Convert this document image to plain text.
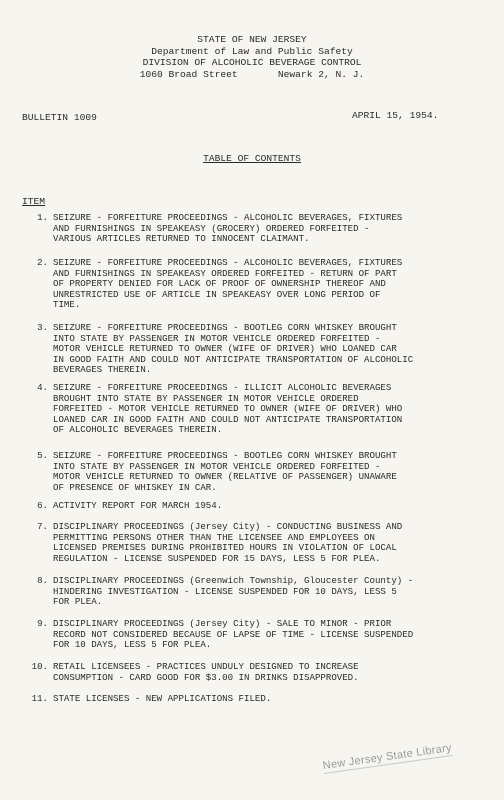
STATE OF NEW JERSEY
Department of Law and Public Safety
DIVISION OF ALCOHOLIC BEVERAGE CONTROL
1060 Broad Street       Newark 2, N. J.
BULLETIN 1009	APRIL 15, 1954.
TABLE OF CONTENTS
ITEM
1. SEIZURE - FORFEITURE PROCEEDINGS - ALCOHOLIC BEVERAGES, FIXTURES
AND FURNISHINGS IN SPEAKEASY (GROCERY) ORDERED FORFEITED -
VARIOUS ARTICLES RETURNED TO INNOCENT CLAIMANT.
2. SEIZURE - FORFEITURE PROCEEDINGS - ALCOHOLIC BEVERAGES, FIXTURES
AND FURNISHINGS IN SPEAKEASY ORDERED FORFEITED - RETURN OF PART
OF PROPERTY DENIED FOR LACK OF PROOF OF OWNERSHIP THEREOF AND
UNRESTRICTED USE OF ARTICLE IN SPEAKEASY OVER LONG PERIOD OF
TIME.
3. SEIZURE - FORFEITURE PROCEEDINGS - BOOTLEG CORN WHISKEY BROUGHT
INTO STATE BY PASSENGER IN MOTOR VEHICLE ORDERED FORFEITED -
MOTOR VEHICLE RETURNED TO OWNER (WIFE OF DRIVER) WHO LOANED CAR
IN GOOD FAITH AND COULD NOT ANTICIPATE TRANSPORTATION OF ALCOHOLIC
BEVERAGES THEREIN.
4. SEIZURE - FORFEITURE PROCEEDINGS - ILLICIT ALCOHOLIC BEVERAGES
BROUGHT INTO STATE BY PASSENGER IN MOTOR VEHICLE ORDERED
FORFEITED - MOTOR VEHICLE RETURNED TO OWNER (WIFE OF DRIVER) WHO
LOANED CAR IN GOOD FAITH AND COULD NOT ANTICIPATE TRANSPORTATION
OF ALCOHOLIC BEVERAGES THEREIN.
5. SEIZURE - FORFEITURE PROCEEDINGS - BOOTLEG CORN WHISKEY BROUGHT
INTO STATE BY PASSENGER IN MOTOR VEHICLE ORDERED FORFEITED -
MOTOR VEHICLE RETURNED TO OWNER (RELATIVE OF PASSENGER) UNAWARE
OF PRESENCE OF WHISKEY IN CAR.
6. ACTIVITY REPORT FOR MARCH 1954.
7. DISCIPLINARY PROCEEDINGS (Jersey City) - CONDUCTING BUSINESS AND
PERMITTING PERSONS OTHER THAN THE LICENSEE AND EMPLOYEES ON
LICENSED PREMISES DURING PROHIBITED HOURS IN VIOLATION OF LOCAL
REGULATION - LICENSE SUSPENDED FOR 15 DAYS, LESS 5 FOR PLEA.
8. DISCIPLINARY PROCEEDINGS (Greenwich Township, Gloucester County) -
HINDERING INVESTIGATION - LICENSE SUSPENDED FOR 10 DAYS, LESS 5
FOR PLEA.
9. DISCIPLINARY PROCEEDINGS (Jersey City) - SALE TO MINOR - PRIOR
RECORD NOT CONSIDERED BECAUSE OF LAPSE OF TIME - LICENSE SUSPENDED
FOR 10 DAYS, LESS 5 FOR PLEA.
10. RETAIL LICENSEES - PRACTICES UNDULY DESIGNED TO INCREASE
CONSUMPTION - CARD GOOD FOR $3.00 IN DRINKS DISAPPROVED.
11. STATE LICENSES - NEW APPLICATIONS FILED.
New Jersey State Library
